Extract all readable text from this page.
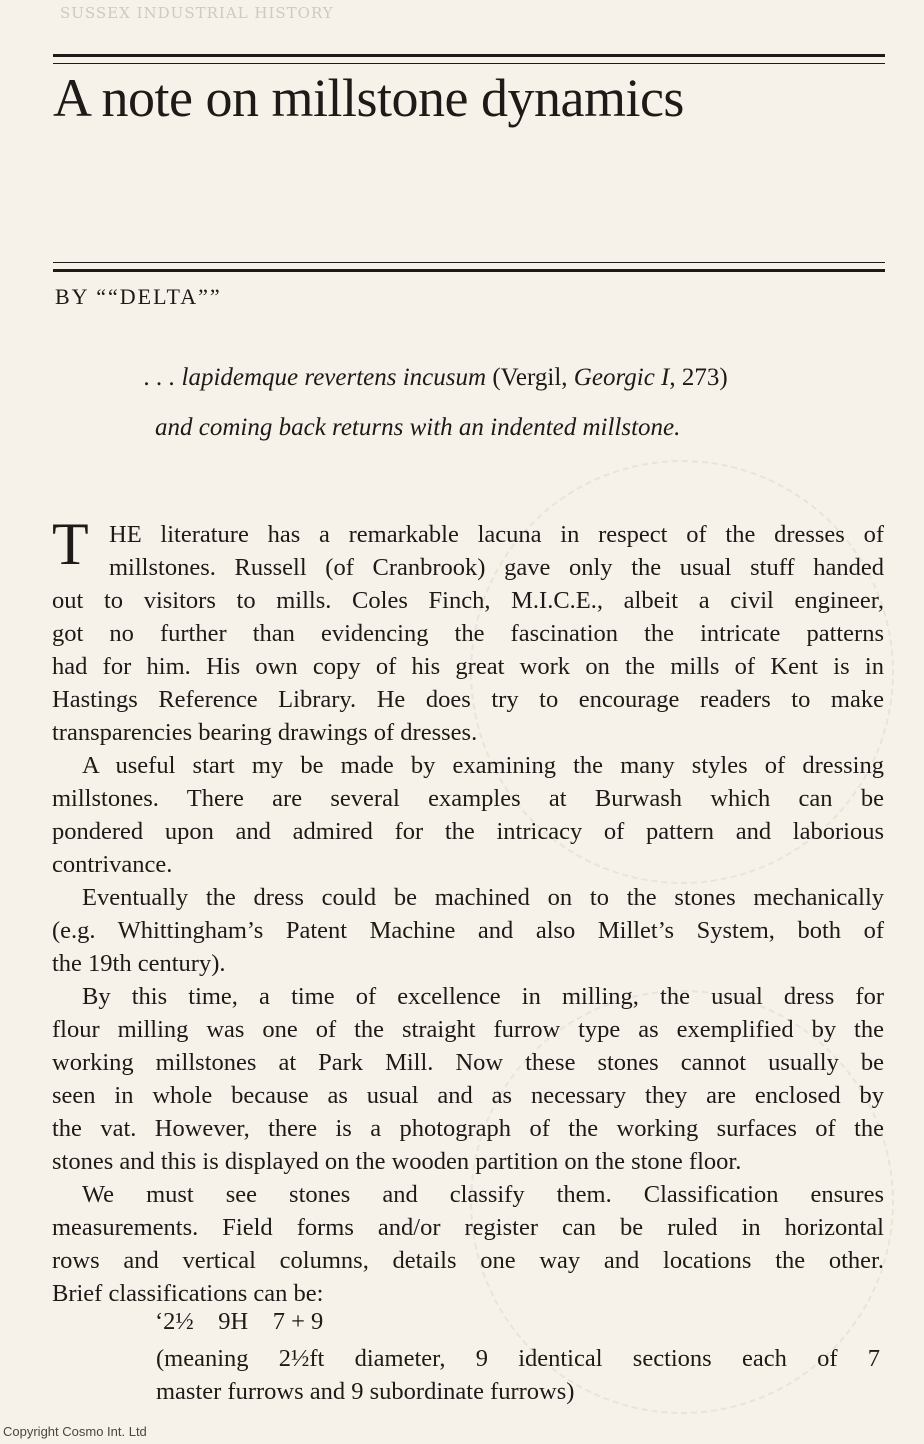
SUSSEX INDUSTRIAL HISTORY
A note on millstone dynamics
BY ““DELTA””
. . . lapidemque revertens incusum (Vergil, Georgic I, 273)
and coming back returns with an indented millstone.
T HE literature has a remarkable lacuna in respect of the dresses of
millstones. Russell (of Cranbrook) gave only the usual stuff handed
out to visitors to mills. Coles Finch, M.I.C.E., albeit a civil engineer,
got no further than evidencing the fascination the intricate patterns
had for him. His own copy of his great work on the mills of Kent is in
Hastings Reference Library. He does try to encourage readers to make
transparencies bearing drawings of dresses.
A useful start my be made by examining the many styles of dressing
millstones. There are several examples at Burwash which can be
pondered upon and admired for the intricacy of pattern and laborious
contrivance.
Eventually the dress could be machined on to the stones mechanically
(e.g. Whittingham’s Patent Machine and also Millet’s System, both of
the 19th century).
By this time, a time of excellence in milling, the usual dress for
flour milling was one of the straight furrow type as exemplified by the
working millstones at Park Mill. Now these stones cannot usually be
seen in whole because as usual and as necessary they are enclosed by
the vat. However, there is a photograph of the working surfaces of the
stones and this is displayed on the wooden partition on the stone floor.
We must see stones and classify them. Classification ensures
measurements. Field forms and/or register can be ruled in horizontal
rows and vertical columns, details one way and locations the other.
Brief classifications can be:
‘2½    9H    7 + 9
(meaning 2½ft diameter, 9 identical sections each of 7
master furrows and 9 subordinate furrows)
Copyright Cosmo Int. Ltd
